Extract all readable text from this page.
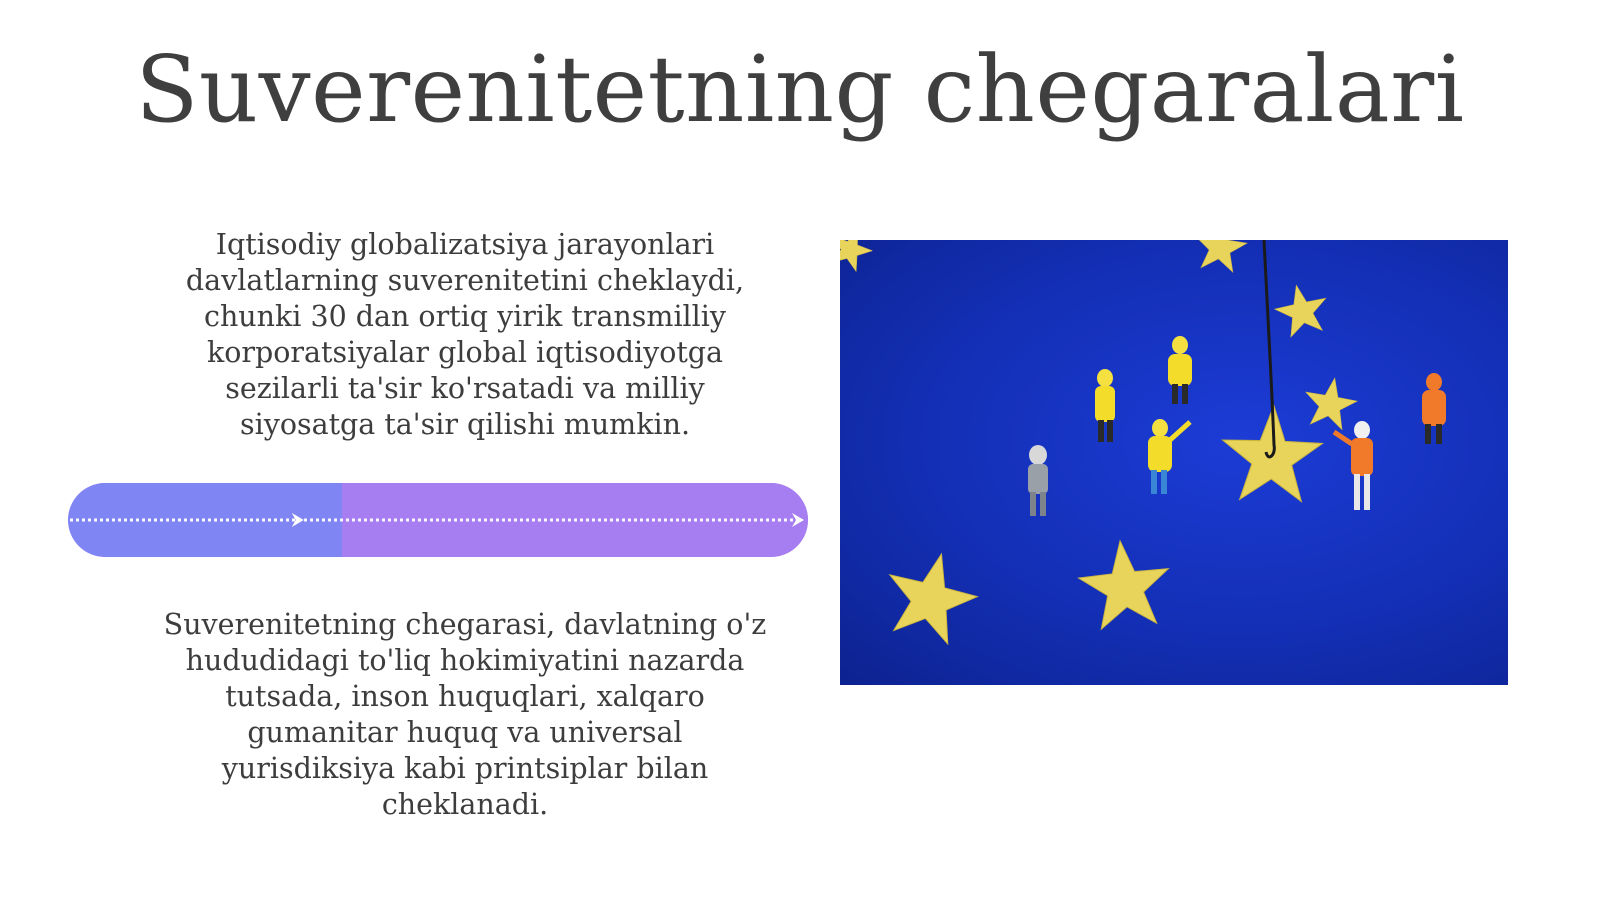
Suverenitetning chegaralari
Iqtisodiy globalizatsiya jarayonlari
davlatlarning suverenitetini cheklaydi,
chunki 30 dan ortiq yirik transmilliy
korporatsiyalar global iqtisodiyotga
sezilarli ta'sir ko'rsatadi va milliy
siyosatga ta'sir qilishi mumkin.
Suverenitetning chegarasi, davlatning o'z
hududidagi to'liq hokimiyatini nazarda
tutsada, inson huquqlari, xalqaro
gumanitar huquq va universal
yurisdiksiya kabi printsiplar bilan
cheklanadi.
